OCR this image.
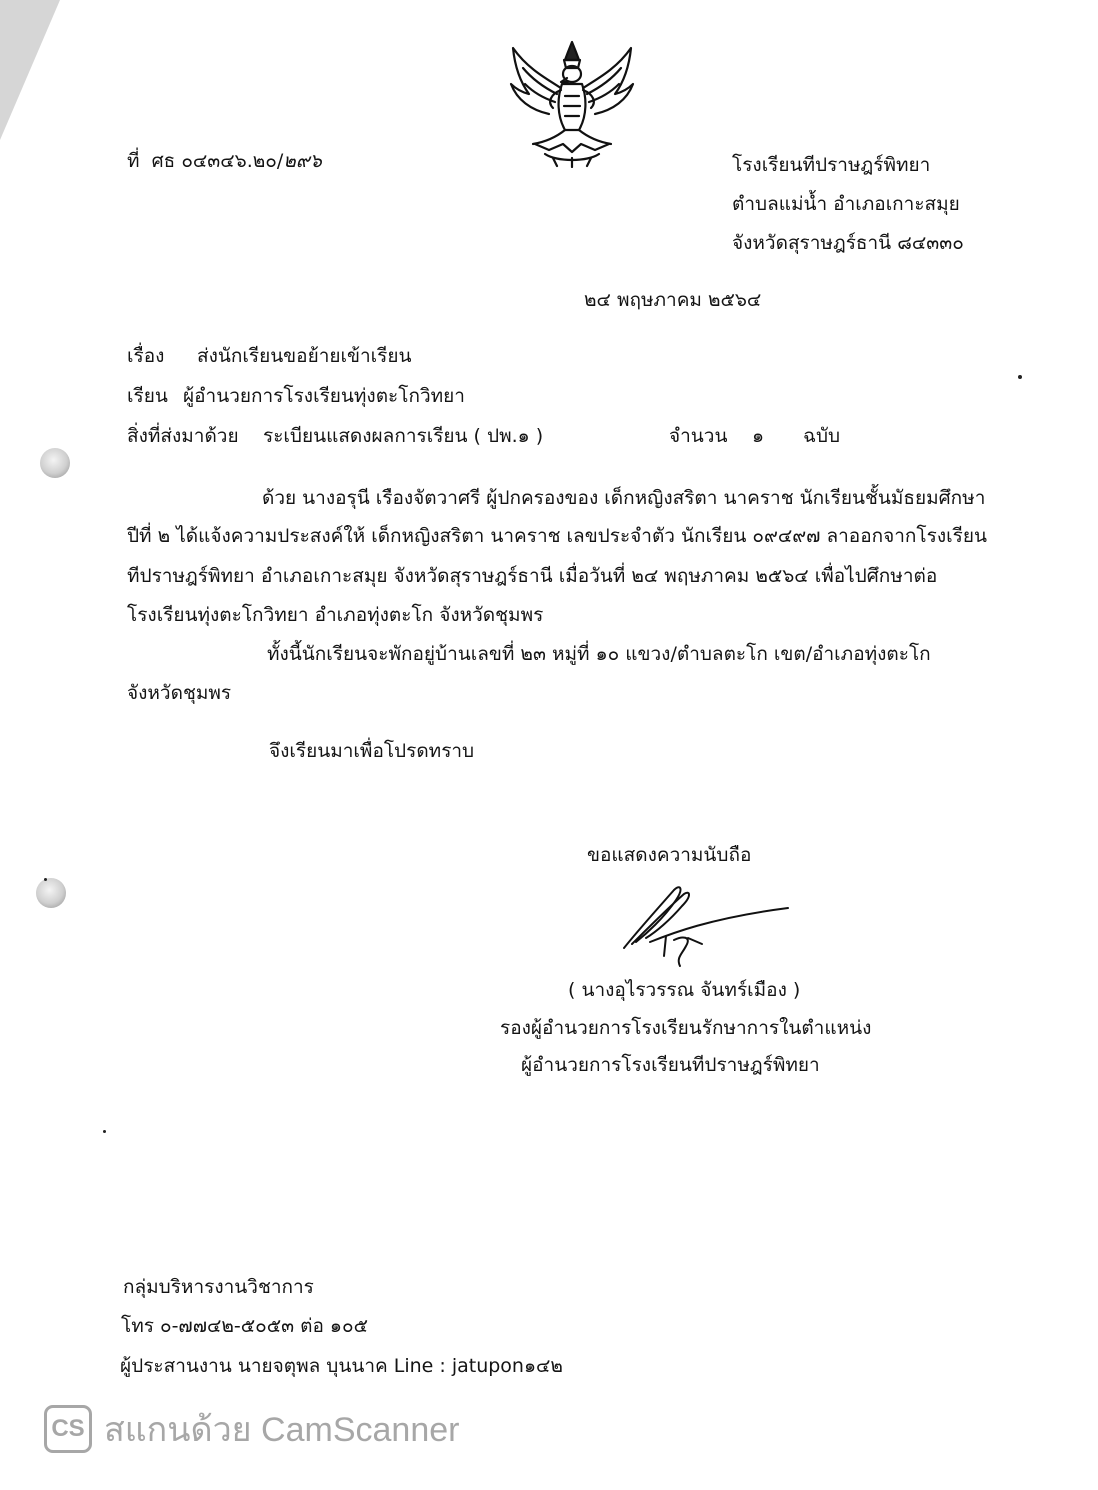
ที่ ศธ ๐๔๓๔๖.๒๐/๒๙๖	โรงเรียนทีปราษฎร์พิทยา
ตำบลแม่น้ำ อำเภอเกาะสมุย
จังหวัดสุราษฎร์ธานี ๘๔๓๓๐
๒๔ พฤษภาคม ๒๕๖๔
เรื่อง ส่งนักเรียนขอย้ายเข้าเรียน
เรียน ผู้อำนวยการโรงเรียนทุ่งตะโกวิทยา
สิ่งที่ส่งมาด้วย ระเบียนแสดงผลการเรียน ( ปพ.๑ )	จำนวน ๑ ฉบับ
ด้วย นางอรุนี เรืองจัตวาศรี ผู้ปกครองของ เด็กหญิงสริตา นาคราช นักเรียนชั้นมัธยมศึกษา
ปีที่ ๒ ได้แจ้งความประสงค์ให้ เด็กหญิงสริตา นาคราช เลขประจำตัว นักเรียน ๐๙๔๙๗ ลาออกจากโรงเรียน
ทีปราษฎร์พิทยา อำเภอเกาะสมุย จังหวัดสุราษฎร์ธานี เมื่อวันที่ ๒๔ พฤษภาคม ๒๕๖๔ เพื่อไปศึกษาต่อ
โรงเรียนทุ่งตะโกวิทยา อำเภอทุ่งตะโก จังหวัดชุมพร
ทั้งนี้นักเรียนจะพักอยู่บ้านเลขที่ ๒๓ หมู่ที่ ๑๐ แขวง/ตำบลตะโก เขต/อำเภอทุ่งตะโก
จังหวัดชุมพร
จึงเรียนมาเพื่อโปรดทราบ
ขอแสดงความนับถือ
( นางอุไรวรรณ จันทร์เมือง )
รองผู้อำนวยการโรงเรียนรักษาการในตำแหน่ง
ผู้อำนวยการโรงเรียนทีปราษฎร์พิทยา
กลุ่มบริหารงานวิชาการ
โทร ๐-๗๗๔๒-๕๐๕๓ ต่อ ๑๐๕
ผู้ประสานงาน นายจตุพล บุนนาค Line : jatupon๑๔๒
CS สแกนด้วย CamScanner
